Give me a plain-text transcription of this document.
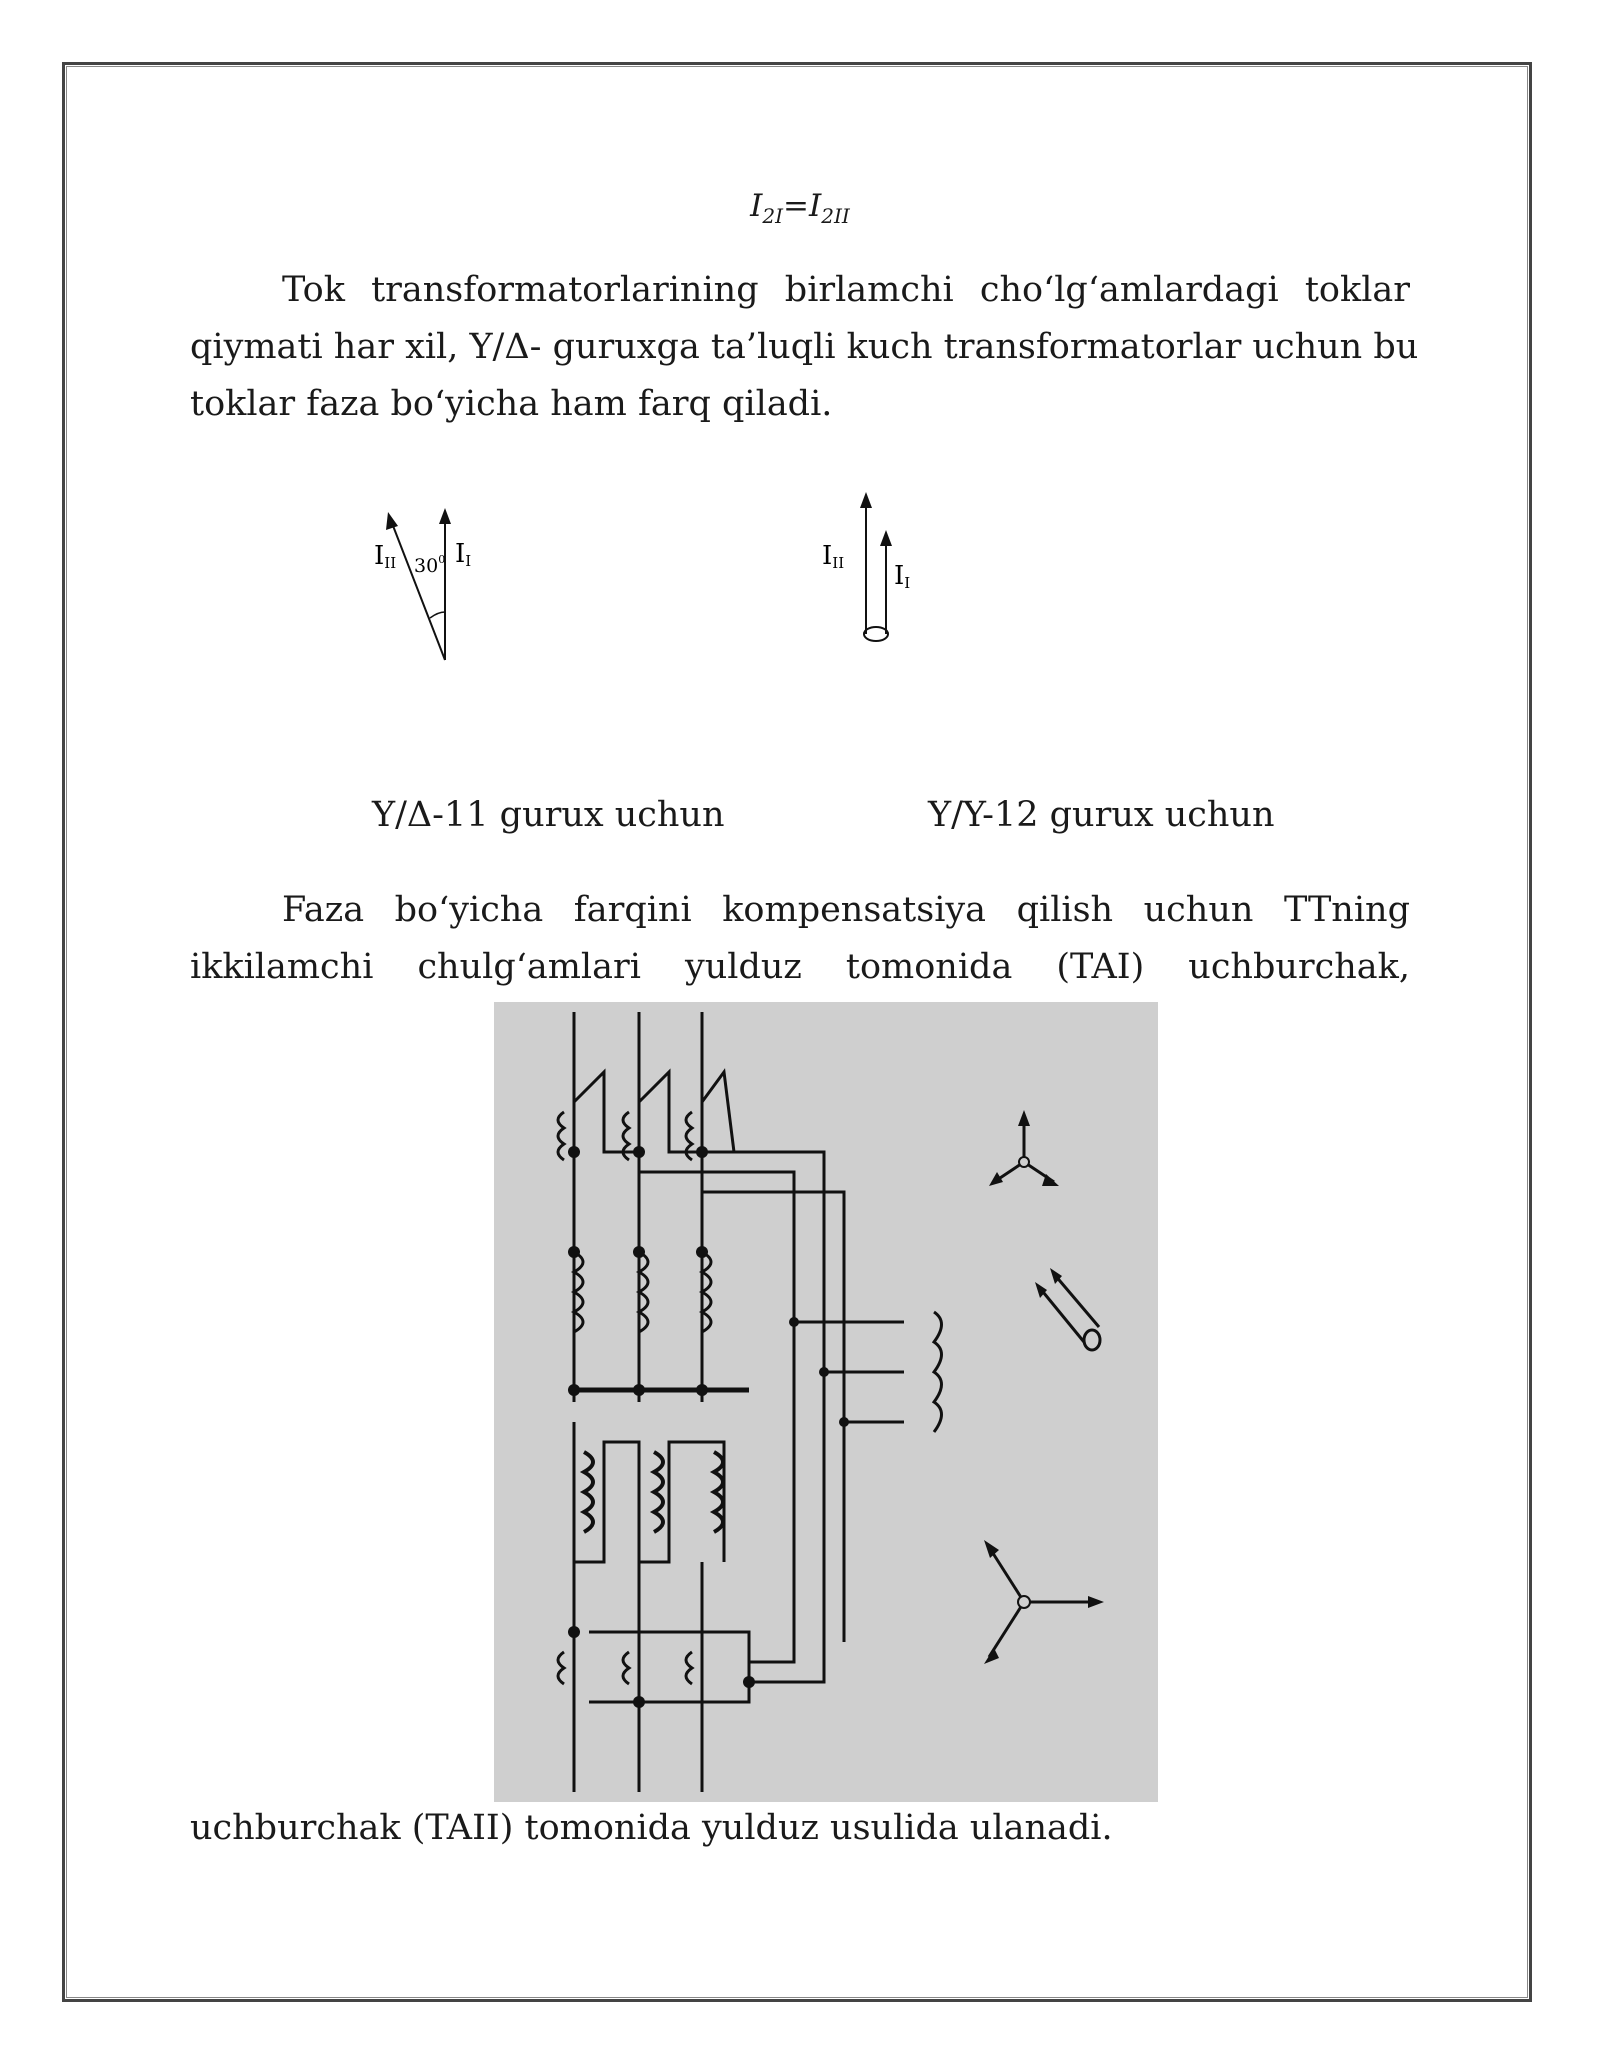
$I_{2I}=I_{2II}$
Tok transformatorlarining birlamchi cho‘lg‘amlardagi toklar
qiymati har xil, Y/Δ- guruxga ta’luqli kuch transformatorlar uchun bu
toklar faza bo‘yicha ham farq qiladi.
III $30^0$ II	III II
Y/Δ-11 gurux uchun	Y/Y-12 gurux uchun
Faza bo‘yicha farqini kompensatsiya qilish uchun TTning
ikkilamchi chulg‘amlari yulduz tomonida (TAI) uchburchak,
uchburchak (TAII) tomonida yulduz usulida ulanadi.
